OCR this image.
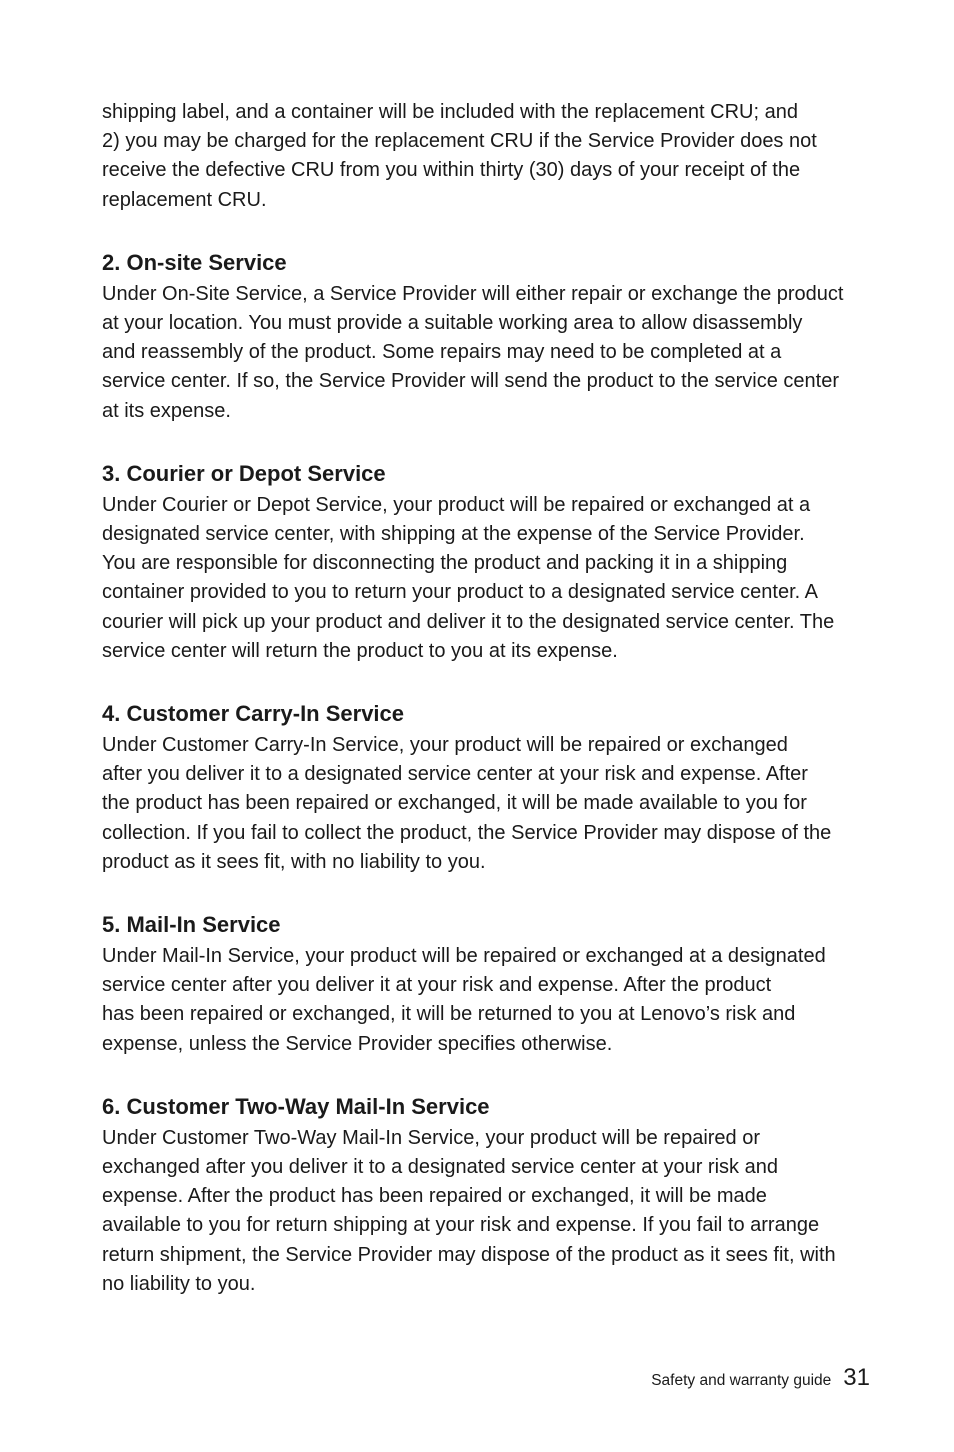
shipping label, and a container will be included with the replacement CRU; and
2) you may be charged for the replacement CRU if the Service Provider does not
receive the defective CRU from you within thirty (30) days of your receipt of the
replacement CRU.

2. On-site Service

Under On-Site Service, a Service Provider will either repair or exchange the product
at your location. You must provide a suitable working area to allow disassembly
and reassembly of the product. Some repairs may need to be completed at a
service center. If so, the Service Provider will send the product to the service center
at its expense.

3. Courier or Depot Service

Under Courier or Depot Service, your product will be repaired or exchanged at a
designated service center, with shipping at the expense of the Service Provider.
You are responsible for disconnecting the product and packing it in a shipping
container provided to you to return your product to a designated service center. A
courier will pick up your product and deliver it to the designated service center. The
service center will return the product to you at its expense.

4. Customer Carry-In Service

Under Customer Carry-In Service, your product will be repaired or exchanged
after you deliver it to a designated service center at your risk and expense. After
the product has been repaired or exchanged, it will be made available to you for
collection. If you fail to collect the product, the Service Provider may dispose of the
product as it sees fit, with no liability to you.

5. Mail-In Service

Under Mail-In Service, your product will be repaired or exchanged at a designated
service center after you deliver it at your risk and expense. After the product
has been repaired or exchanged, it will be returned to you at Lenovo’s risk and
expense, unless the Service Provider specifies otherwise.

6. Customer Two-Way Mail-In Service

Under Customer Two-Way Mail-In Service, your product will be repaired or
exchanged after you deliver it to a designated service center at your risk and
expense. After the product has been repaired or exchanged, it will be made
available to you for return shipping at your risk and expense. If you fail to arrange
return shipment, the Service Provider may dispose of the product as it sees fit, with
no liability to you.

Safety and warranty guide 31
